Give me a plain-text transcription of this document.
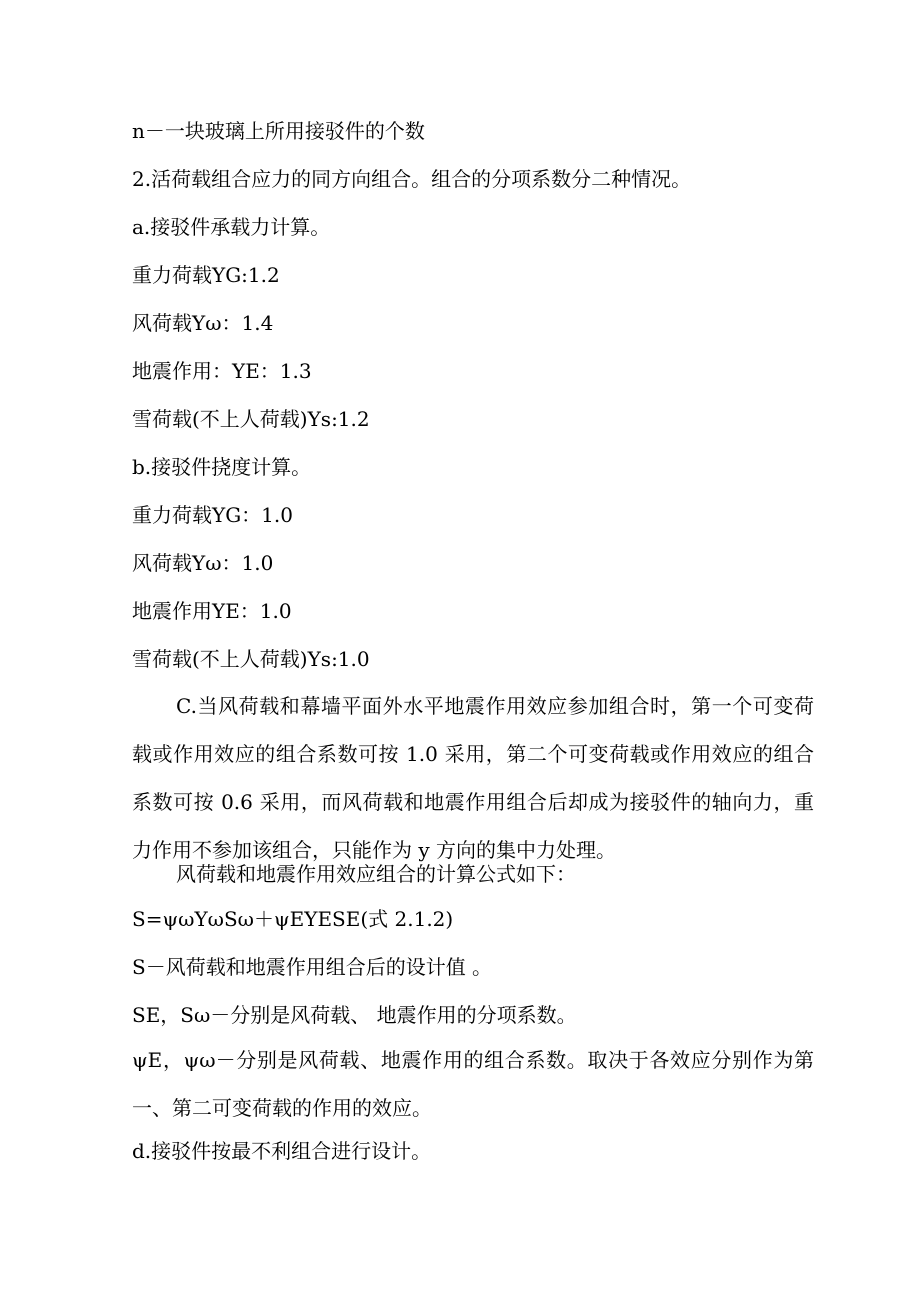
n－一块玻璃上所用接驳件的个数
2.活荷载组合应力的同方向组合。组合的分项系数分二种情况。
a.接驳件承载力计算。
重力荷载ΥG:1.2
风荷载Υω：1.4
地震作用：ΥE：1.3
雪荷载(不上人荷载)Υs:1.2
b.接驳件挠度计算。
重力荷载ΥG：1.0
风荷载Υω：1.0
地震作用ΥE：1.0
雪荷载(不上人荷载)Υs:1.0
C.当风荷载和幕墙平面外水平地震作用效应参加组合时，第一个可变荷载或作用效应的组合系数可按 1.0 采用，第二个可变荷载或作用效应的组合系数可按 0.6 采用，而风荷载和地震作用组合后却成为接驳件的轴向力，重力作用不参加该组合，只能作为 y 方向的集中力处理。
风荷载和地震作用效应组合的计算公式如下：
S=ψωΥωSω＋ψEΥESE(式 2.1.2)
S－风荷载和地震作用组合后的设计值 。
SE，Sω－分别是风荷载、 地震作用的分项系数。
ψE，ψω－分别是风荷载、地震作用的组合系数。取决于各效应分别作为第一、第二可变荷载的作用的效应。
d.接驳件按最不利组合进行设计。
